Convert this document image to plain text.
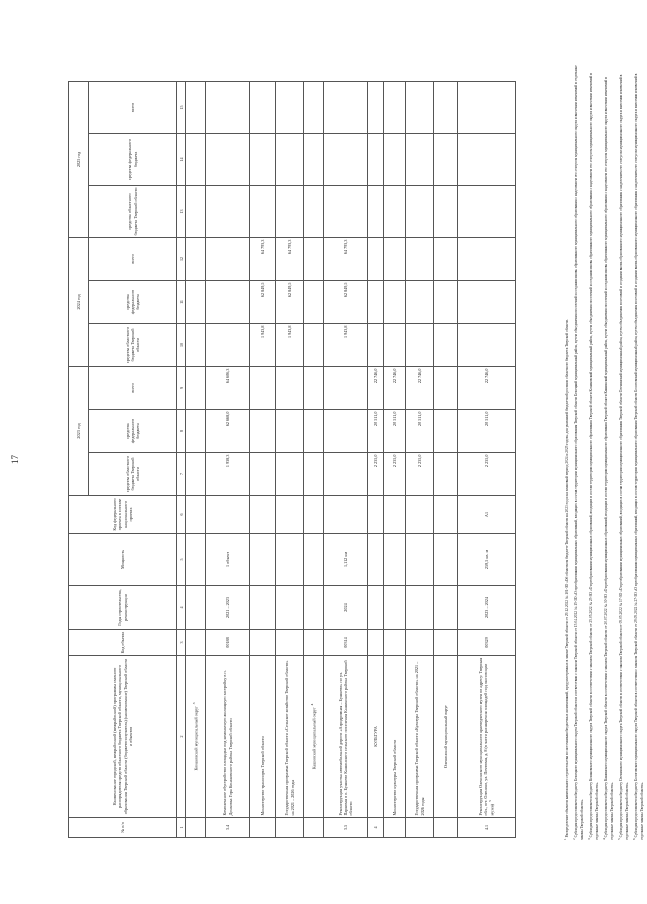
17
№ п/п	Наименование городской, межрайонной (межрайонной) программы главного распорядителя средств областного бюджета Тверской области, муниципального образования Тверской области (бюджетополучатель) (наименование) Тверской области и объектов	Код объекта	Годы строительства, реконструкции	Мощность	Код федерального проекта в составе национального проекта	2023 год			2024 год			2025 год		
						средства областного бюджета Тверской области	средства федерального бюджета	всего	средства областного бюджета Тверской области	средства федерального бюджета	всего	средства областного бюджета Тверской области	средства федерального бюджета	всего
1	2	3	4	5	6	7	8	9	10	11	12	13	14	15
	Конаковский муниципальный округ$^3$													
3.4	Комплексное обустройство площадки под компактную жилищную застройку в п. Донховка Гора Конаковского района Тверской области	00188	2021 – 2023	1 объект		1 938,3	62 668,0	64 606,3						
	Министерство транспорта Тверской области								1 943,8	62 849,5	64 793,3			
	Государственная программа Тверской области «Сельское хозяйство Тверской области» на 2021 – 2026 годы								1 943,8	62 849,5	64 793,3			
	Кашинский муниципальный округ$^4$													
3.5	Реконструкция участка автомобильной дороги «Аэродромная – Бушнево» по ул. Парковая в п. Бушнево Кашинского сельского поселения Кашинского района Тверской области	00314	2024	1,112 км					1 943,8	62 849,5	64 793,3			
4	КУЛЬТУРА					2 235,0	20 511,0	22 746,0						
	Министерство культуры Тверской области					2 235,0	20 511,0	22 746,0						
	Государственная программа Тверской области «Культура Тверской области» на 2021 – 2026 годы					2 235,0	20 511,0	22 746,0						
	Оленинский муниципальный округ													
4.1	Реконструкция Оленинского муниципального краеведческого музея по адресу: Тверская обл., пгт. Оленино, ул. Почтовая, д. 8 (в части расширения площадей под экспозиции музея)$^5$	00329	2023 – 2024	259,5 кв. м	A1	2 235,0	20 511,0	22 746,0						

$^1$ Распределение объектов капитального строительства по источникам бюджетных ассигнований, предусмотренных в законе Тверской области от 29.12.2022 № 101-ЗО «Об областном бюджете Тверской области на 2023 год и на плановый период 2024 и 2025 годов» для указанной бюджетной росписи областного бюджета Тверской области.

$^2$ Субсидия предоставляется бюджету Бежецкого муниципального округа Тверской области в соответствии с законом Тверской области от 15.04.2022 № 15-ЗО «О преобразовании муниципальных образований, входящих в состав территории муниципального образования Тверской области Бежецкий муниципальный район, путем объединения поселений и создании вновь образованного муниципального образования с наделением его статусом муниципального округа и внесении изменений в отдельные законы Тверской области». $^3$ Субсидия предоставляется бюджету Конаковского муниципального округа Тверской области в соответствии с законом Тверской области от 25.05.2022 № 25-ЗО «О преобразовании муниципальных образований, входящих в состав территории муниципального образования Тверской области Конаковский муниципальный район, путем объединения поселений и создании вновь образованного муниципального образования с наделением его статусом муниципального округа и внесении изменений в отдельные законы Тверской области». $^4$ Субсидия предоставляется бюджету Кашинского муниципального округа Тверской области в соответствии с законом Тверской области от 20.07.2022 № 30-ЗО «О преобразовании муниципальных образований, входящих в состав территории муниципального образования Тверской области Кашинский муниципальный район, путем объединения поселений и создании вновь образованного муниципального образования с наделением его статусом муниципального округа и внесении изменений в отдельные законы Тверской области». $^5$ Субсидия предоставляется бюджету Оленинского муниципального округа Тверской области в соответствии с законом Тверской области от 05.05.2022 № 17-ЗО «О преобразовании муниципальных образований, входящих в состав территории муниципального образования Тверской области Оленинский муниципальный район, путем объединения поселений и создании вновь образованного муниципального образования с наделением его статусом муниципального округа и внесении изменений в отдельные законы Тверской области». $^6$ Субсидия предоставляется бюджету Бологовского муниципального округа Тверской области в соответствии с законом Тверской области от 29.05.2022 № 27-ЗО «О преобразовании муниципальных образований, входящих в состав территории муниципального образования Тверской области Бологовский муниципальный район, путем объединения поселений и создании вновь образованного муниципального образования с наделением его статусом муниципального округа и внесении изменений в отдельные законы Тверской области».
